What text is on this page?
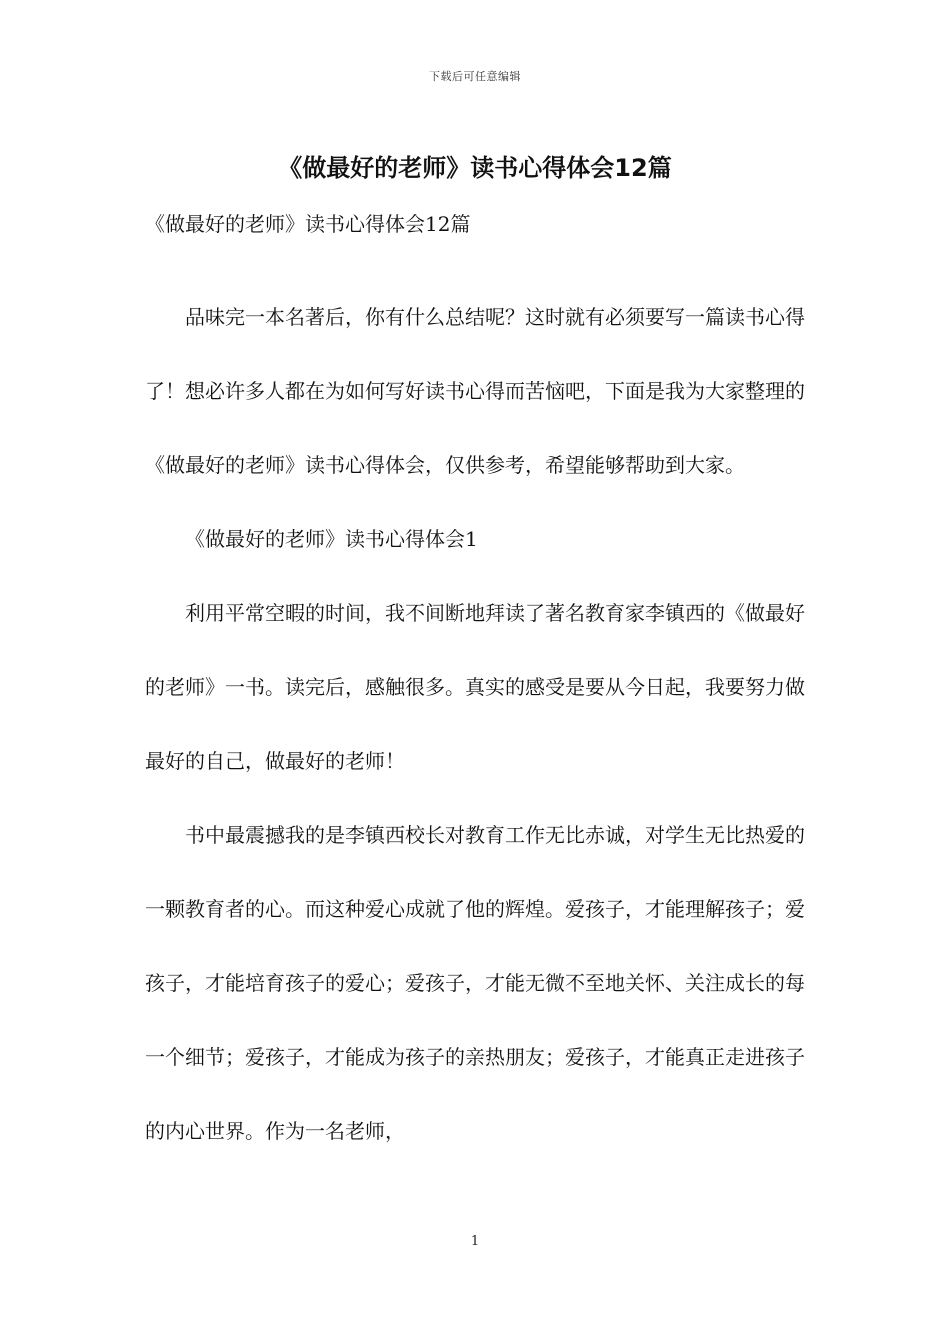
下载后可任意编辑
《做最好的老师》读书心得体会12篇
《做最好的老师》读书心得体会12篇

品味完一本名著后，你有什么总结呢？这时就有必须要写一篇读书心得了！想必许多人都在为如何写好读书心得而苦恼吧，下面是我为大家整理的《做最好的老师》读书心得体会，仅供参考，希望能够帮助到大家。

《做最好的老师》读书心得体会1

利用平常空暇的时间，我不间断地拜读了著名教育家李镇西的《做最好的老师》一书。读完后，感触很多。真实的感受是要从今日起，我要努力做最好的自己，做最好的老师！

书中最震撼我的是李镇西校长对教育工作无比赤诚，对学生无比热爱的一颗教育者的心。而这种爱心成就了他的辉煌。爱孩子，才能理解孩子；爱孩子，才能培育孩子的爱心；爱孩子，才能无微不至地关怀、关注成长的每一个细节；爱孩子，才能成为孩子的亲热朋友；爱孩子，才能真正走进孩子的内心世界。作为一名老师，

1
